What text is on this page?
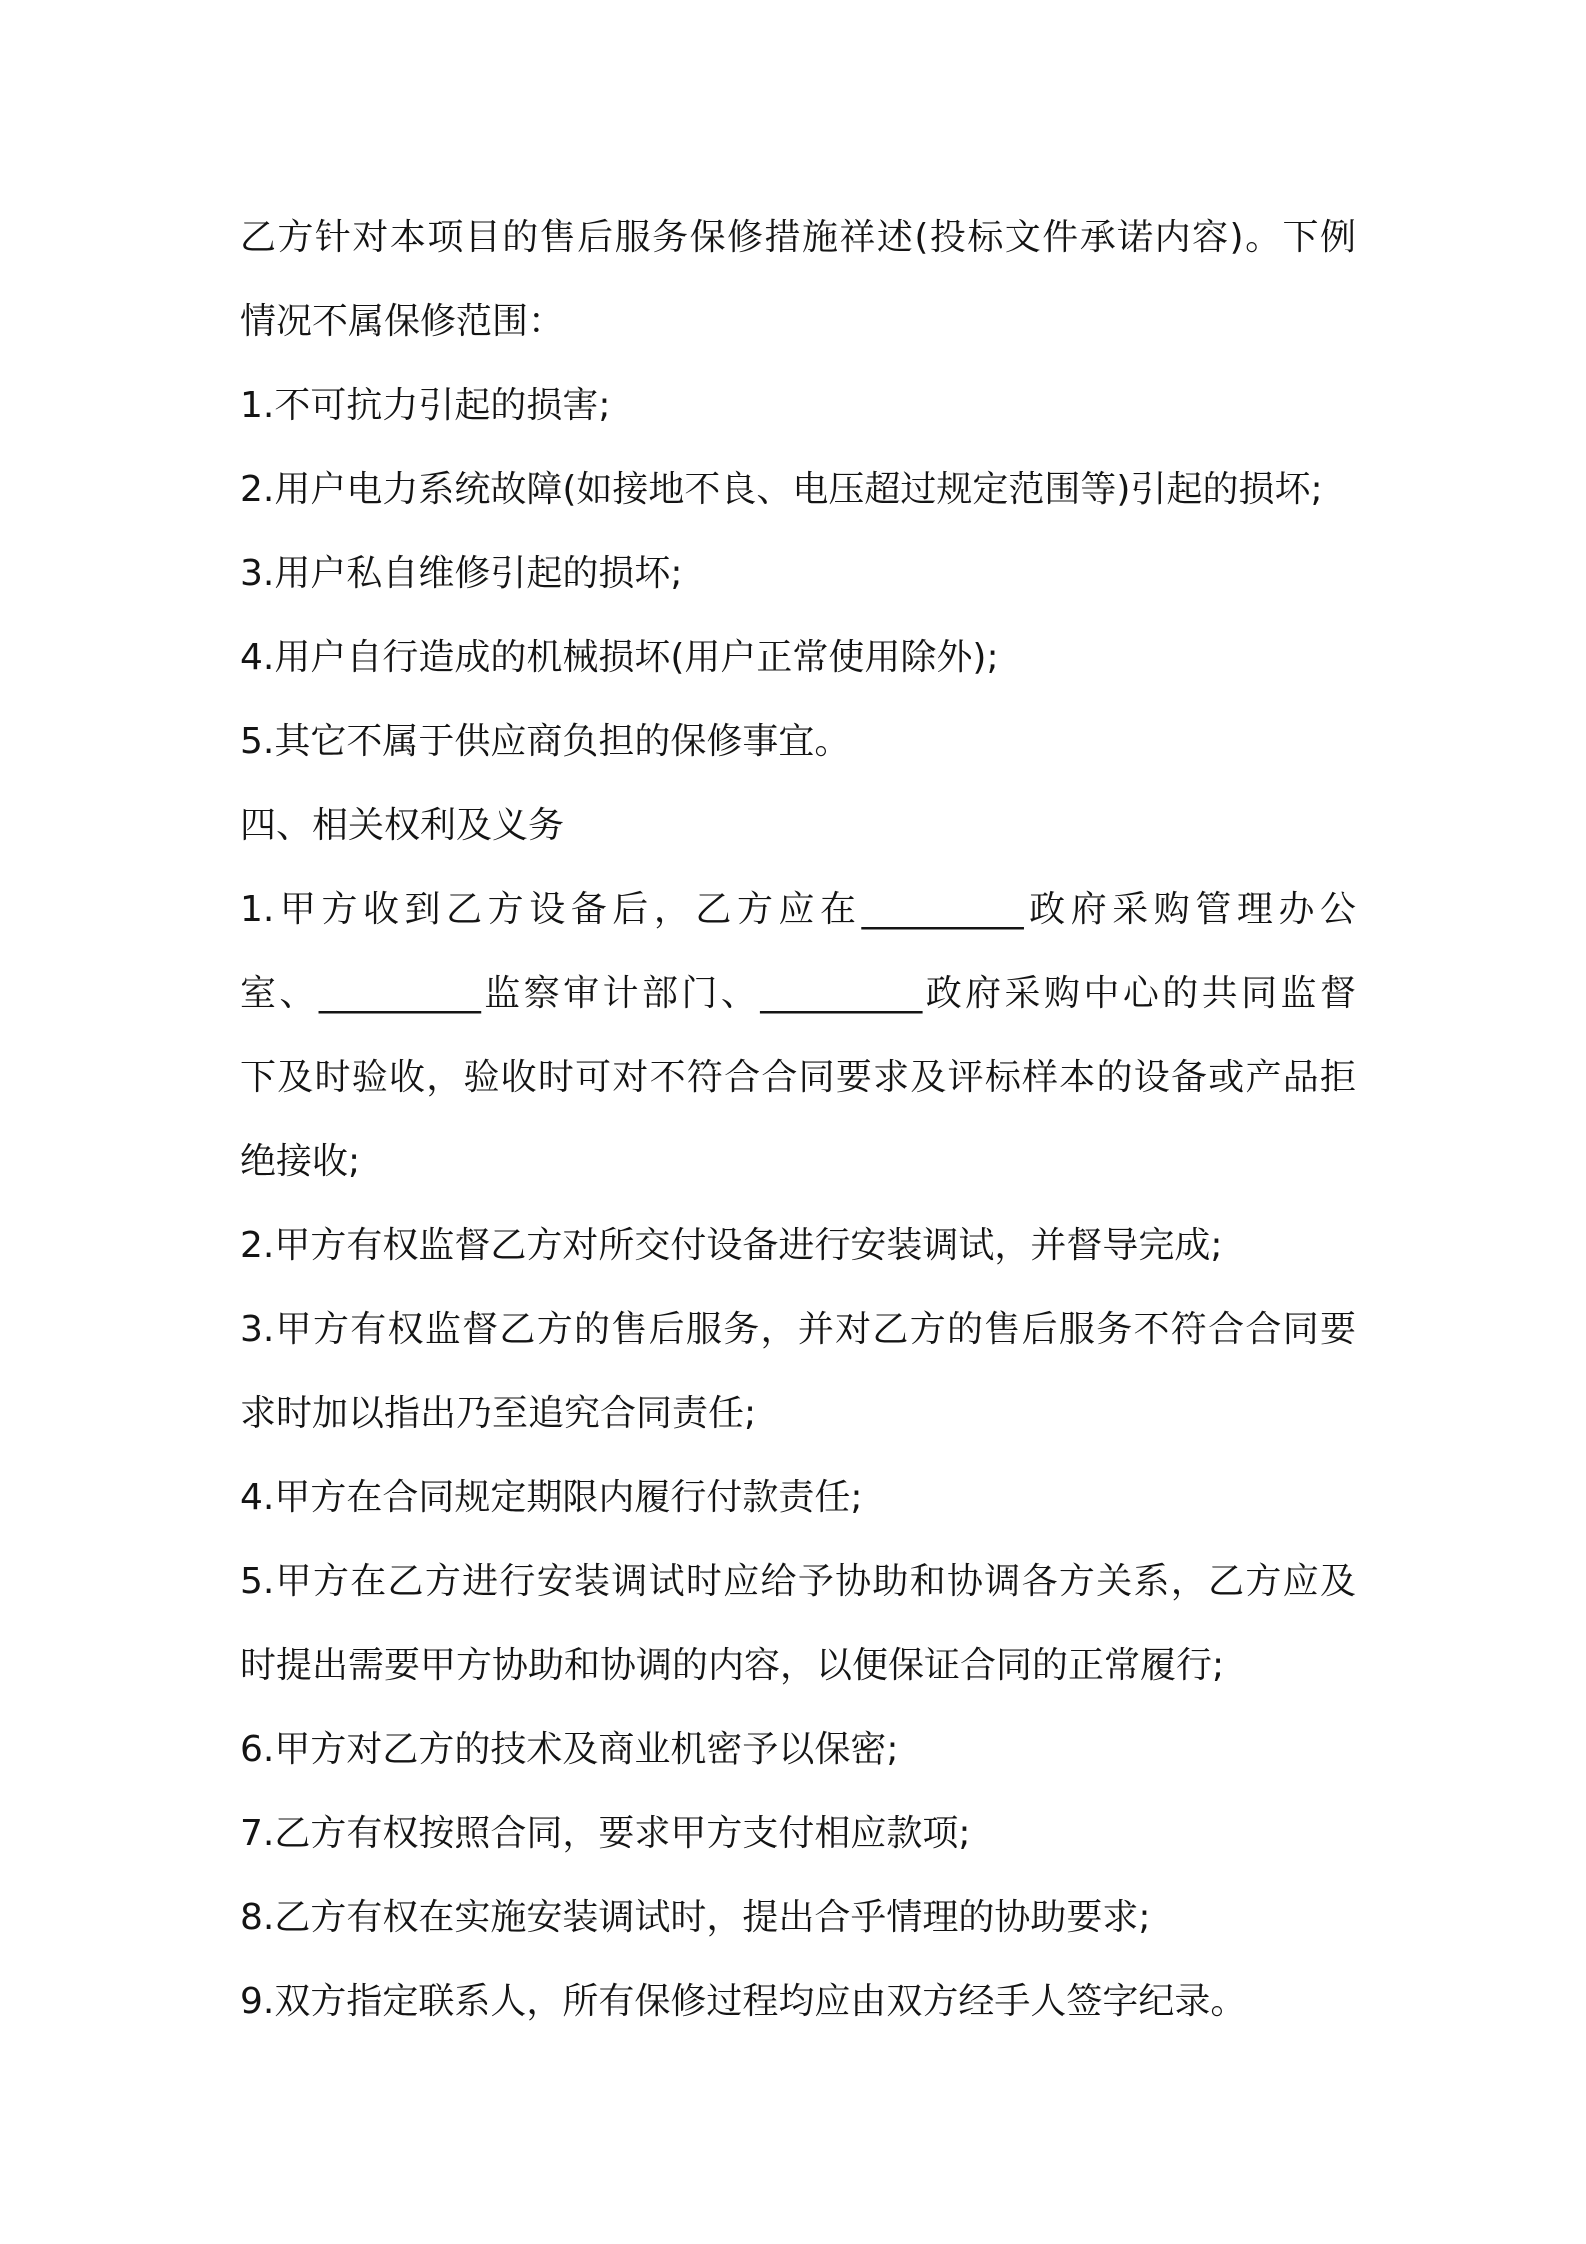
乙方针对本项目的售后服务保修措施祥述(投标文件承诺内容)。下例
情况不属保修范围：

1.不可抗力引起的损害;

2.用户电力系统故障(如接地不良、电压超过规定范围等)引起的损坏;

3.用户私自维修引起的损坏;

4.用户自行造成的机械损坏(用户正常使用除外);

5.其它不属于供应商负担的保修事宜。

四、相关权利及义务

1.甲方收到乙方设备后，乙方应在_________政府采购管理办公
室、_________监察审计部门、_________政府采购中心的共同监督
下及时验收，验收时可对不符合合同要求及评标样本的设备或产品拒
绝接收;

2.甲方有权监督乙方对所交付设备进行安装调试，并督导完成;

3.甲方有权监督乙方的售后服务，并对乙方的售后服务不符合合同要
求时加以指出乃至追究合同责任;

4.甲方在合同规定期限内履行付款责任;

5.甲方在乙方进行安装调试时应给予协助和协调各方关系，乙方应及
时提出需要甲方协助和协调的内容，以便保证合同的正常履行;

6.甲方对乙方的技术及商业机密予以保密;

7.乙方有权按照合同，要求甲方支付相应款项;

8.乙方有权在实施安装调试时，提出合乎情理的协助要求;

9.双方指定联系人，所有保修过程均应由双方经手人签字纪录。
